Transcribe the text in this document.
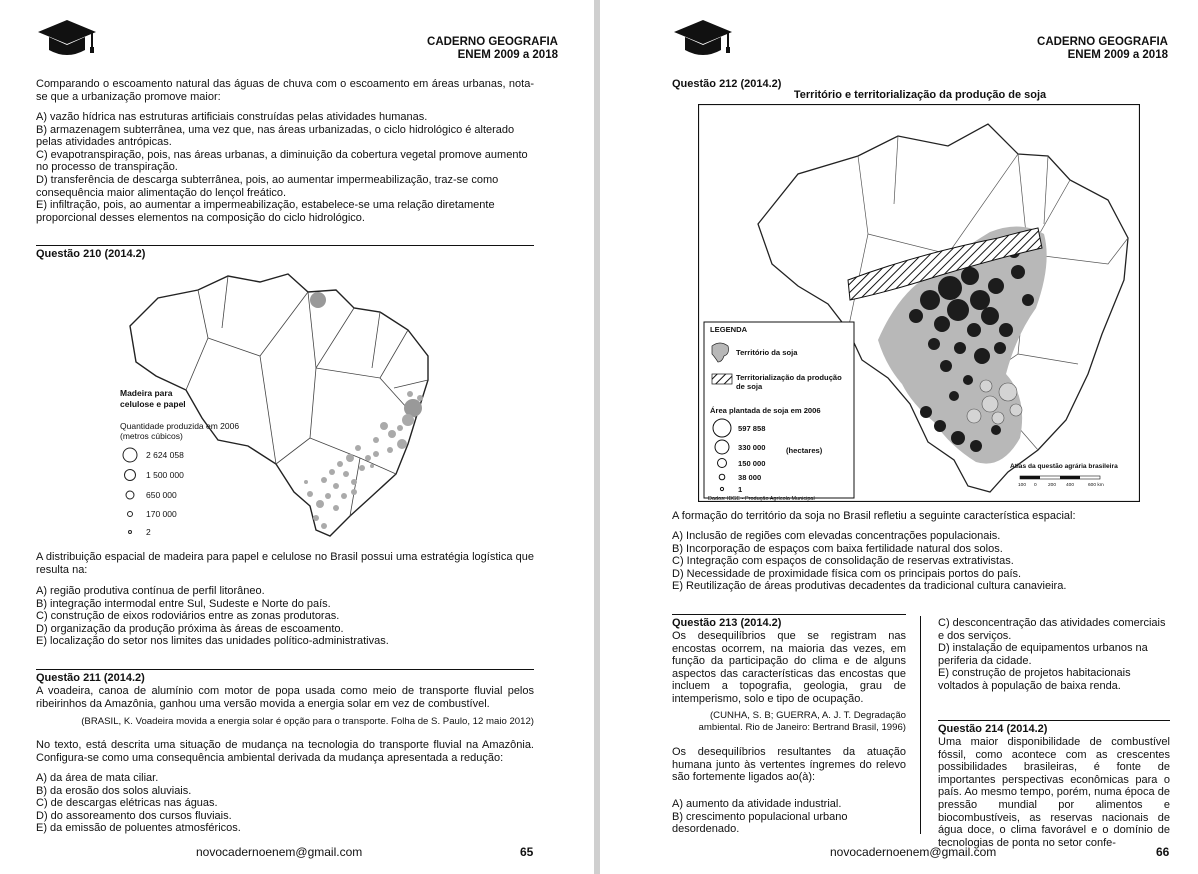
CADERNO GEOGRAFIA
ENEM 2009 a 2018
Comparando o escoamento natural das águas de chuva com o escoamento em áreas urbanas, nota-se que a urbanização promove maior:
A) vazão hídrica nas estruturas artificiais construídas pelas atividades humanas.
B) armazenagem subterrânea, uma vez que, nas áreas urbanizadas, o ciclo hidrológico é alterado pelas atividades antrópicas.
C) evapotranspiração, pois, nas áreas urbanas, a diminuição da cobertura vegetal promove aumento no processo de transpiração.
D) transferência de descarga subterrânea, pois, ao aumentar impermeabilização, traz-se como consequência maior alimentação do lençol freático.
E) infiltração, pois, ao aumentar a impermeabilização, estabelece-se uma relação diretamente proporcional desses elementos na composição do ciclo hidrológico.
Questão 210 (2014.2)
Madeira para
celulose e papel
Quantidade produzida em 2006
(metros cúbicos)
2 624 058
1 500 000
650 000
170 000
2
A distribuição espacial de madeira para papel e celulose no Brasil possui uma estratégia logística que resulta na:
A) região produtiva contínua de perfil litorâneo.
B) integração intermodal entre Sul, Sudeste e Norte do país.
C) construção de eixos rodoviários entre as zonas produtoras.
D) organização da produção próxima às áreas de escoamento.
E) localização do setor nos limites das unidades político-administrativas.
Questão 211 (2014.2)
A voadeira, canoa de alumínio com motor de popa usada como meio de transporte fluvial pelos ribeirinhos da Amazônia, ganhou uma versão movida a energia solar em vez de combustível.
(BRASIL, K. Voadeira movida a energia solar é opção para o transporte. Folha de S. Paulo, 12 maio 2012)
No texto, está descrita uma situação de mudança na tecnologia do transporte fluvial na Amazônia. Configura-se como uma consequência ambiental derivada da mudança apresentada a redução:
A) da área de mata ciliar.
B) da erosão dos solos aluviais.
C) de descargas elétricas nas águas.
D) do assoreamento dos cursos fluviais.
E) da emissão de poluentes atmosféricos.
novocadernoenem@gmail.com	65
CADERNO GEOGRAFIA
ENEM 2009 a 2018
Questão 212 (2014.2)
Território e territorialização da produção de soja
LEGENDA
Território da soja
Territorialização da produção
de soja
Área plantada de soja em 2006
597 858
330 000	(hectares)
150 000
38 000
1
Dados: IBGE - Produção Agrícola Municipal
Atlas da questão agrária brasileira
100 0 200 400	600 km
A formação do território da soja no Brasil refletiu a seguinte característica espacial:
A) Inclusão de regiões com elevadas concentrações populacionais.
B) Incorporação de espaços com baixa fertilidade natural dos solos.
C) Integração com espaços de consolidação de reservas extrativistas.
D) Necessidade de proximidade física com os principais portos do país.
E) Reutilização de áreas produtivas decadentes da tradicional cultura canavieira.
Questão 213 (2014.2)
Os desequilíbrios que se registram nas encostas ocorrem, na maioria das vezes, em função da participação do clima e de alguns aspectos das características das encostas que incluem a topografia, geologia, grau de intemperismo, solo e tipo de ocupação.
(CUNHA, S. B; GUERRA, A. J. T. Degradação ambiental. Rio de Janeiro: Bertrand Brasil, 1996)
Os desequilíbrios resultantes da atuação humana junto às vertentes íngremes do relevo são fortemente ligados ao(à):
A) aumento da atividade industrial.
B) crescimento populacional urbano desordenado.
C) desconcentração das atividades comerciais e dos serviços.
D) instalação de equipamentos urbanos na periferia da cidade.
E) construção de projetos habitacionais voltados à população de baixa renda.
Questão 214 (2014.2)
Uma maior disponibilidade de combustível fóssil, como acontece com as crescentes possibilidades brasileiras, é fonte de importantes perspectivas econômicas para o país. Ao mesmo tempo, porém, numa época de pressão mundial por alimentos e biocombustíveis, as reservas nacionais de água doce, o clima favorável e o domínio de tecnologias de ponta no setor confe-
novocadernoenem@gmail.com	66
